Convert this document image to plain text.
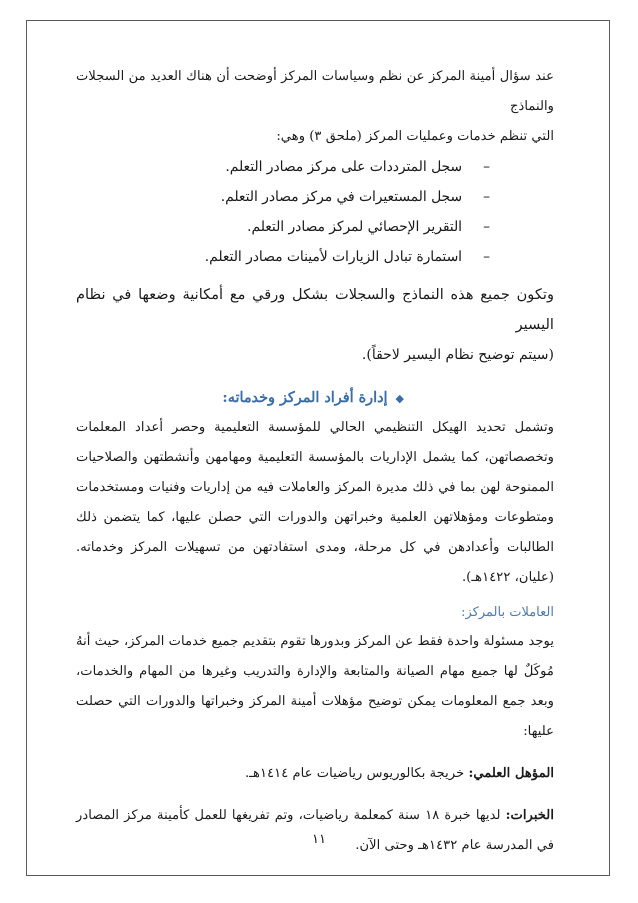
عند سؤال أمينة المركز عن نظم وسياسات المركز أوضحت أن هناك العديد من السجلات والنماذج

التي تنظم خدمات وعمليات المركز (ملحق ٣) وهي:

–سجل المترددات على مركز مصادر التعلم.

–سجل المستعيرات في مركز مصادر التعلم.

–التقرير الإحصائي لمركز مصادر التعلم.

–استمارة تبادل الزيارات لأمينات مصادر التعلم.

وتكون جميع هذه النماذج والسجلات بشكل ورقي مع أمكانية وضعها في نظام اليسير

(سيتم توضيح نظام اليسير لاحقاً).

◆إدارة أفراد المركز وخدماته:

وتشمل تحديد الهيكل التنظيمي الحالي للمؤسسة التعليمية وحصر أعداد المعلمات وتخصصاتهن، كما يشمل الإداريات بالمؤسسة التعليمية ومهامهن وأنشطتهن والصلاحيات الممنوحة لهن بما في ذلك مديرة المركز والعاملات فيه من إداريات وفنيات ومستخدمات ومتطوعات ومؤهلاتهن العلمية وخبراتهن والدورات التي حصلن عليها، كما يتضمن ذلك الطالبات وأعدادهن في كل مرحلة، ومدى استفادتهن من تسهيلات المركز وخدماته. (عليان، ١٤٢٢هـ).

العاملات بالمركز:

يوجد مسئولة واحدة فقط عن المركز وبدورها تقوم بتقديم جميع خدمات المركز، حيث أنهُ مُوكَلٌ لها جميع مهام الصيانة والمتابعة والإدارة والتدريب وغيرها من المهام والخدمات، وبعد جمع المعلومات يمكن توضيح مؤهلات أمينة المركز وخبراتها والدورات التي حصلت عليها:

المؤهل العلمي: خريجة بكالوريوس رياضيات عام ١٤١٤هـ.

الخبرات: لديها خبرة ١٨ سنة كمعلمة رياضيات، وتم تفريغها للعمل كأمينة مركز المصادر في المدرسة عام ١٤٣٢هـ وحتى الآن.

١١
